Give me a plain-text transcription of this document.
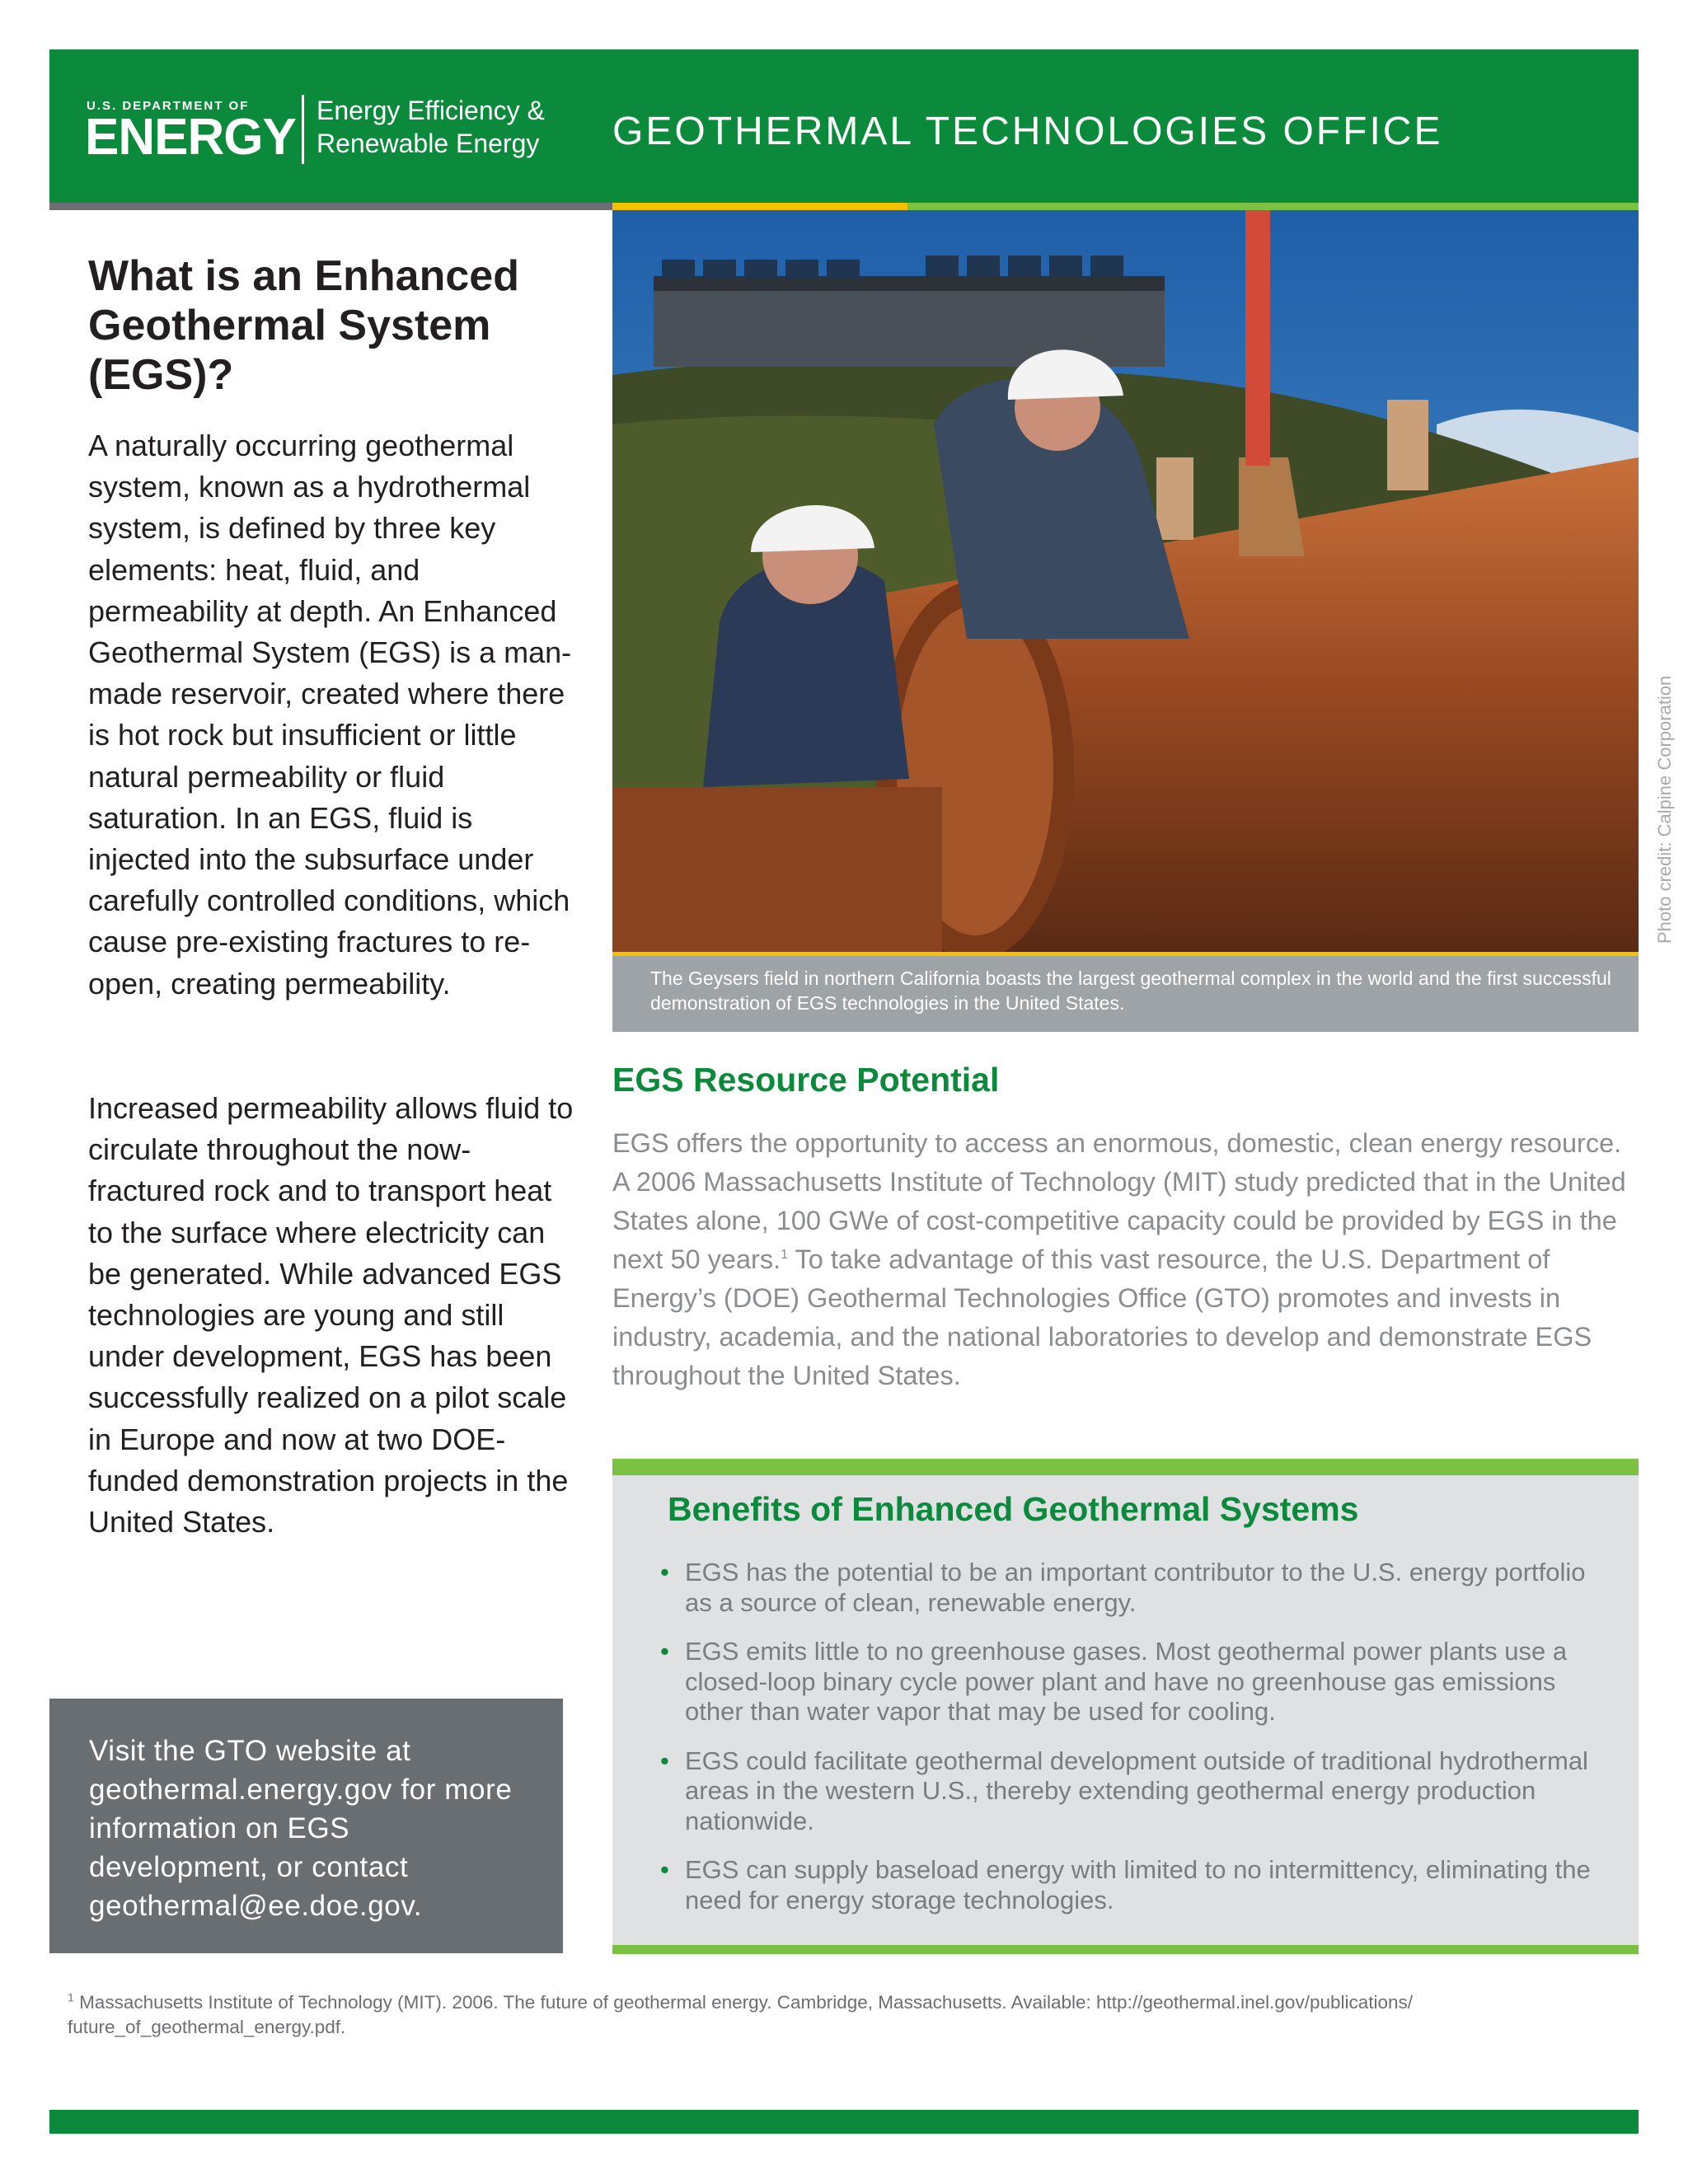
U.S. DEPARTMENT OF
ENERGY Energy Efficiency &
Renewable Energy GEOTHERMAL TECHNOLOGIES OFFICE
What is an Enhanced Geothermal System (EGS)?

A naturally occurring geothermal system, known as a hydrothermal system, is defined by three key elements: heat, fluid, and permeability at depth. An Enhanced Geothermal System (EGS) is a man-made reservoir, created where there is hot rock but insufficient or little natural permeability or fluid saturation. In an EGS, fluid is injected into the subsurface under carefully controlled conditions, which cause pre-existing fractures to re-open, creating permeability.

Increased permeability allows fluid to circulate throughout the now-fractured rock and to transport heat to the surface where electricity can be generated. While advanced EGS technologies are young and still under development, EGS has been successfully realized on a pilot scale in Europe and now at two DOE-funded demonstration projects in the United States.

Visit the GTO website at geothermal.energy.gov for more information on EGS development, or contact geothermal@ee.doe.gov.
Photo credit: Calpine Corporation
The Geysers field in northern California boasts the largest geothermal complex in the world and the first successful demonstration of EGS technologies in the United States.
EGS Resource Potential

EGS offers the opportunity to access an enormous, domestic, clean energy resource. A 2006 Massachusetts Institute of Technology (MIT) study predicted that in the United States alone, 100 GWe of cost-competitive capacity could be provided by EGS in the next 50 years.$^1$ To take advantage of this vast resource, the U.S. Department of Energy’s (DOE) Geothermal Technologies Office (GTO) promotes and invests in industry, academia, and the national laboratories to develop and demonstrate EGS throughout the United States.

Benefits of Enhanced Geothermal Systems
• EGS has the potential to be an important contributor to the U.S. energy portfolio as a source of clean, renewable energy.
• EGS emits little to no greenhouse gases. Most geothermal power plants use a closed-loop binary cycle power plant and have no greenhouse gas emissions other than water vapor that may be used for cooling.
• EGS could facilitate geothermal development outside of traditional hydrothermal areas in the western U.S., thereby extending geothermal energy production nationwide.
• EGS can supply baseload energy with limited to no intermittency, eliminating the need for energy storage technologies.
$^1$ Massachusetts Institute of Technology (MIT). 2006. The future of geothermal energy. Cambridge, Massachusetts. Available: http://geothermal.inel.gov/publications/ future_of_geothermal_energy.pdf.
